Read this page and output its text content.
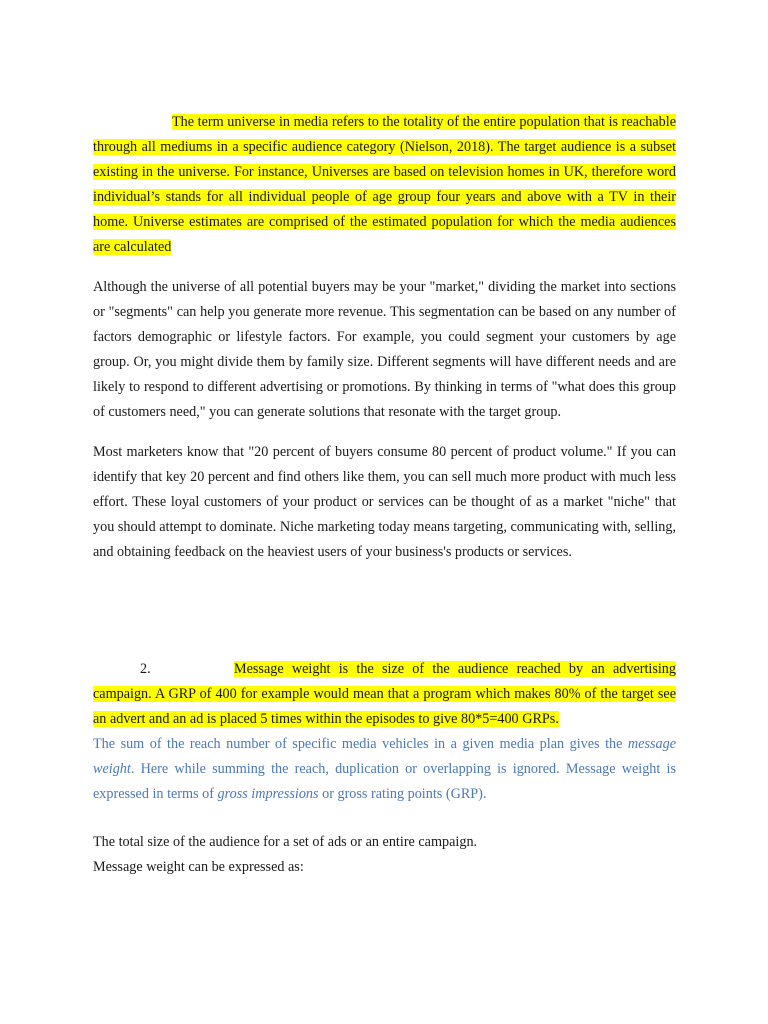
The term universe in media refers to the totality of the entire population that is reachable through all mediums in a specific audience category (Nielson, 2018). The target audience is a subset existing in the universe. For instance, Universes are based on television homes in UK, therefore word individual’s stands for all individual people of age group four years and above with a TV in their home. Universe estimates are comprised of the estimated population for which the media audiences are calculated

Although the universe of all potential buyers may be your "market," dividing the market into sections or "segments" can help you generate more revenue. This segmentation can be based on any number of factors demographic or lifestyle factors. For example, you could segment your customers by age group. Or, you might divide them by family size. Different segments will have different needs and are likely to respond to different advertising or promotions. By thinking in terms of "what does this group of customers need," you can generate solutions that resonate with the target group.

Most marketers know that "20 percent of buyers consume 80 percent of product volume." If you can identify that key 20 percent and find others like them, you can sell much more product with much less effort. These loyal customers of your product or services can be thought of as a market "niche" that you should attempt to dominate. Niche marketing today means targeting, communicating with, selling, and obtaining feedback on the heaviest users of your business's products or services.

2.	Message weight is the size of the audience reached by an advertising campaign. A GRP of 400 for example would mean that a program which makes 80% of the target see an advert and an ad is placed 5 times within the episodes to give 80*5=400 GRPs.

The sum of the reach number of specific media vehicles in a given media plan gives the message weight. Here while summing the reach, duplication or overlapping is ignored. Message weight is expressed in terms of gross impressions or gross rating points (GRP).

The total size of the audience for a set of ads or an entire campaign.

Message weight can be expressed as:
